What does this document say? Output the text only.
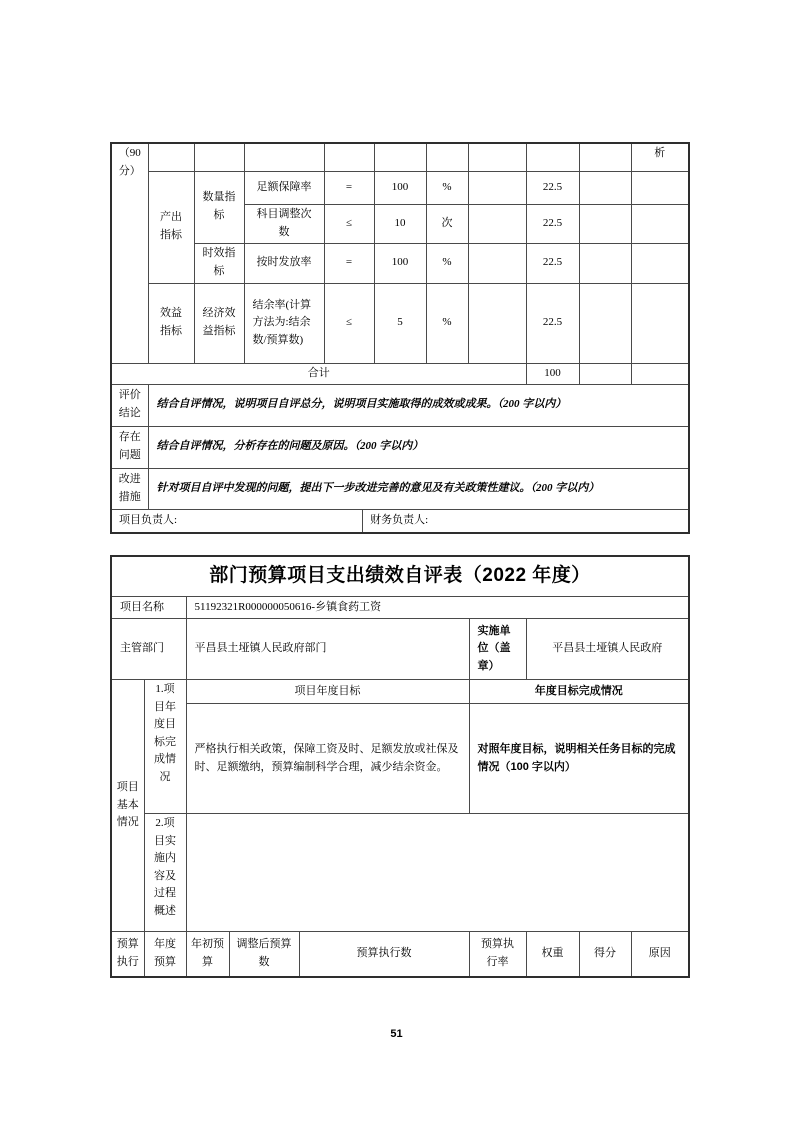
（90分）										析
	产出指标	数量指标	足额保障率	=	100	%		22.5		
			科目调整次数	≤	10	次		22.5		
		时效指标	按时发放率	=	100	%		22.5		
	效益指标	经济效益指标	结余率(计算方法为:结余数/预算数)	≤	5	%		22.5		
合计								100		
评价结论	结合自评情况，说明项目自评总分，说明项目实施取得的成效或成果。（200 字以内）									
存在问题	结合自评情况，分析存在的问题及原因。（200 字以内）									
改进措施	针对项目自评中发现的问题，提出下一步改进完善的意见及有关政策性建议。（200 字以内）									

项目负责人: 财务负责人:										
部门预算项目支出绩效自评表（2022 年度）								
项目名称		51192321R000000050616-乡镇食药工资						
主管部门		平昌县土垭镇人民政府部门			实施单位（盖章）	平昌县土垭镇人民政府		
项目基本情况	1.项目年度目标完成情况	项目年度目标			年度目标完成情况			
		严格执行相关政策，保障工资及时、足额发放或社保及时、足额缴纳，预算编制科学合理，减少结余资金。			对照年度目标，说明相关任务目标的完成情况（100 字以内）			
	2.项目实施内容及过程概述							
预算执行	年度预算	年初预算	调整后预算数	预算执行数	预算执行率	权重	得分	原因
51
